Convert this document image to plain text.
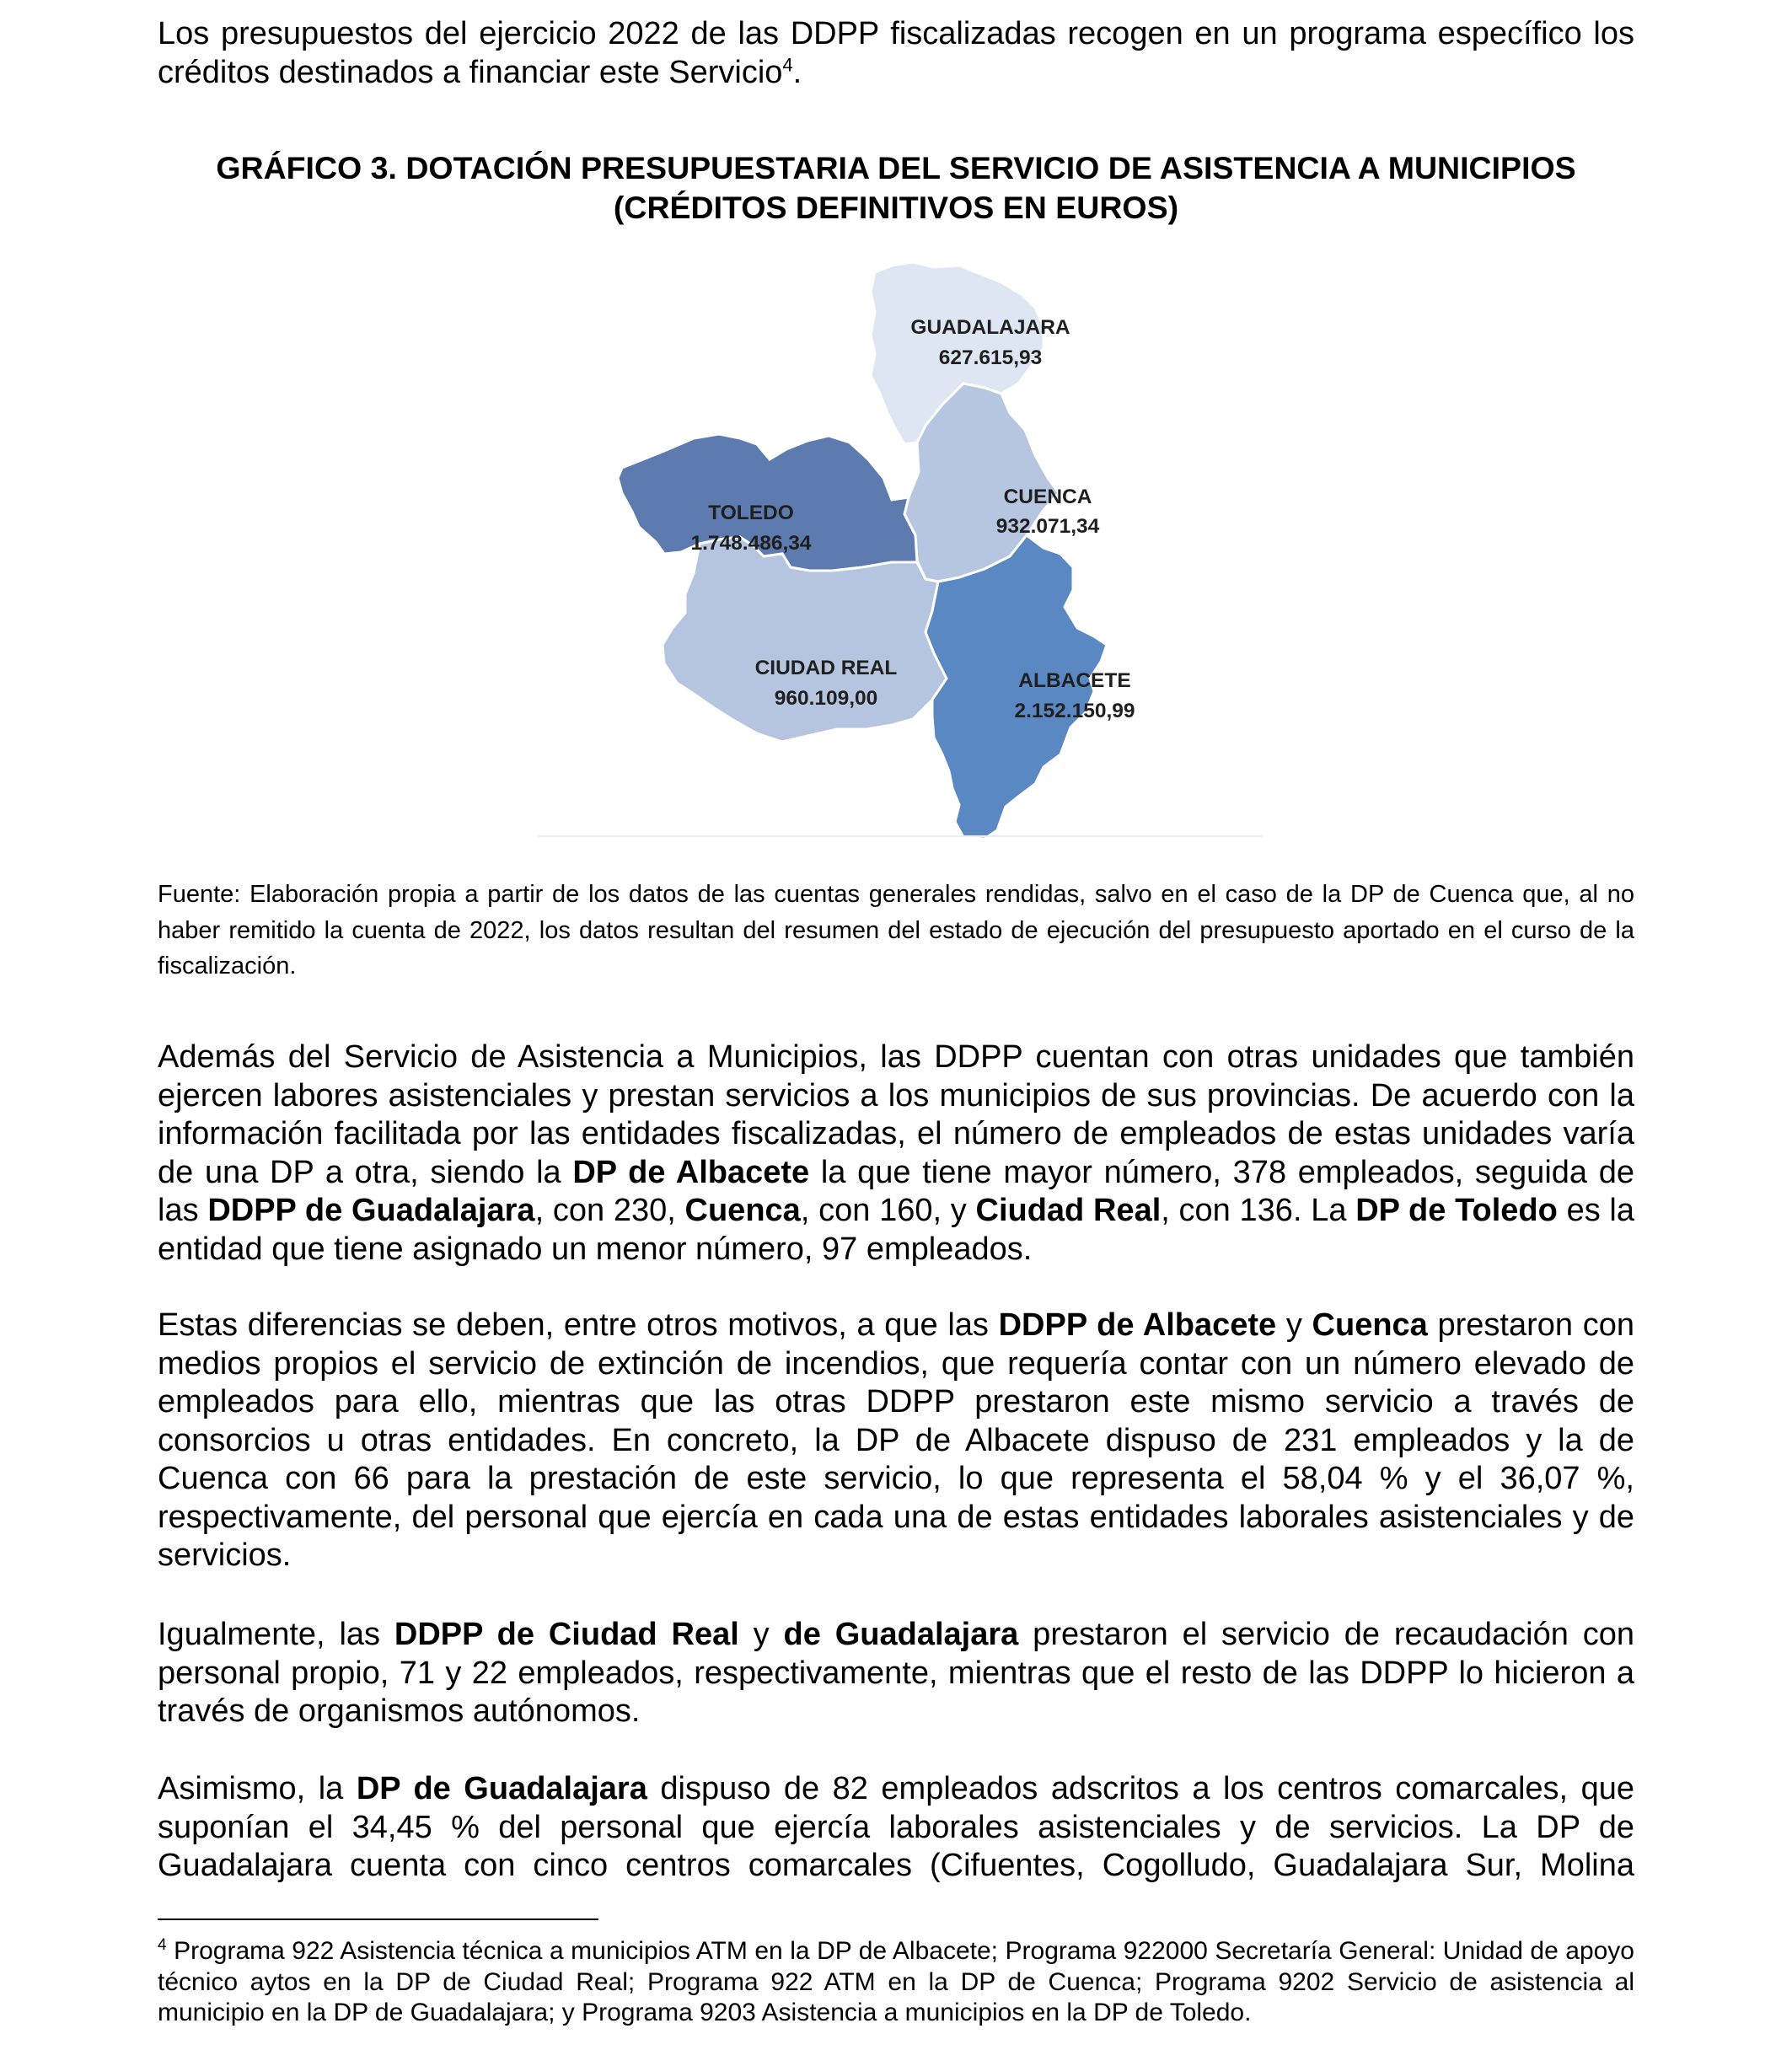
Los presupuestos del ejercicio 2022 de las DDPP fiscalizadas recogen en un programa específico los créditos destinados a financiar este Servicio$^4$.

GRÁFICO 3. DOTACIÓN PRESUPUESTARIA DEL SERVICIO DE ASISTENCIA A MUNICIPIOS
(CRÉDITOS DEFINITIVOS EN EUROS)
GUADALAJARA
627.615,93
CUENCA
932.071,34
TOLEDO
1.748.486,34
CIUDAD REAL
960.109,00
ALBACETE
2.152.150,99

Fuente: Elaboración propia a partir de los datos de las cuentas generales rendidas, salvo en el caso de la DP de Cuenca que, al no haber remitido la cuenta de 2022, los datos resultan del resumen del estado de ejecución del presupuesto aportado en el curso de la fiscalización.

Además del Servicio de Asistencia a Municipios, las DDPP cuentan con otras unidades que también ejercen labores asistenciales y prestan servicios a los municipios de sus provincias. De acuerdo con la información facilitada por las entidades fiscalizadas, el número de empleados de estas unidades varía de una DP a otra, siendo la DP de Albacete la que tiene mayor número, 378 empleados, seguida de las DDPP de Guadalajara, con 230, Cuenca, con 160, y Ciudad Real, con 136. La DP de Toledo es la entidad que tiene asignado un menor número, 97 empleados.

Estas diferencias se deben, entre otros motivos, a que las DDPP de Albacete y Cuenca prestaron con medios propios el servicio de extinción de incendios, que requería contar con un número elevado de empleados para ello, mientras que las otras DDPP prestaron este mismo servicio a través de consorcios u otras entidades. En concreto, la DP de Albacete dispuso de 231 empleados y la de Cuenca con 66 para la prestación de este servicio, lo que representa el 58,04 % y el 36,07 %, respectivamente, del personal que ejercía en cada una de estas entidades laborales asistenciales y de servicios.

Igualmente, las DDPP de Ciudad Real y de Guadalajara prestaron el servicio de recaudación con personal propio, 71 y 22 empleados, respectivamente, mientras que el resto de las DDPP lo hicieron a través de organismos autónomos.

Asimismo, la DP de Guadalajara dispuso de 82 empleados adscritos a los centros comarcales, que suponían el 34,45 % del personal que ejercía laborales asistenciales y de servicios. La DP de Guadalajara cuenta con cinco centros comarcales (Cifuentes, Cogolludo, Guadalajara Sur, Molina

$^4$ Programa 922 Asistencia técnica a municipios ATM en la DP de Albacete; Programa 922000 Secretaría General: Unidad de apoyo técnico aytos en la DP de Ciudad Real; Programa 922 ATM en la DP de Cuenca; Programa 9202 Servicio de asistencia al municipio en la DP de Guadalajara; y Programa 9203 Asistencia a municipios en la DP de Toledo.
